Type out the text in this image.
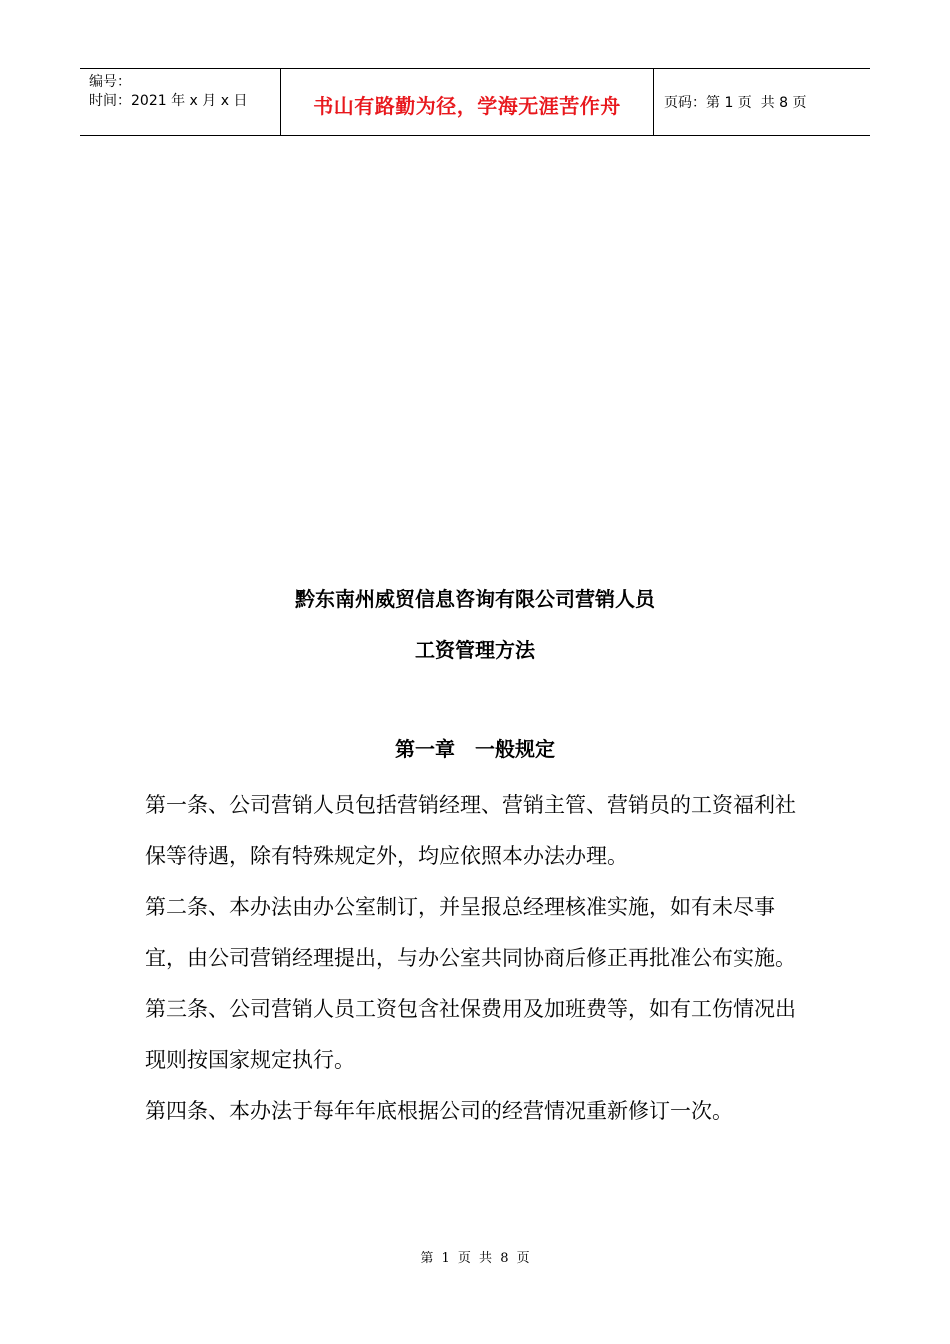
编号：
时间：2021 年 x 月 x 日	书山有路勤为径，学海无涯苦作舟	页码：第 1 页  共 8 页
黔东南州威贸信息咨询有限公司营销人员
工资管理方法
第一章　一般规定

第一条、公司营销人员包括营销经理、营销主管、营销员的工资福利社保等待遇，除有特殊规定外，均应依照本办法办理。

第二条、本办法由办公室制订，并呈报总经理核准实施，如有未尽事宜，由公司营销经理提出，与办公室共同协商后修正再批准公布实施。

第三条、公司营销人员工资包含社保费用及加班费等，如有工伤情况出现则按国家规定执行。

第四条、本办法于每年年底根据公司的经营情况重新修订一次。

第 1 页 共 8 页
